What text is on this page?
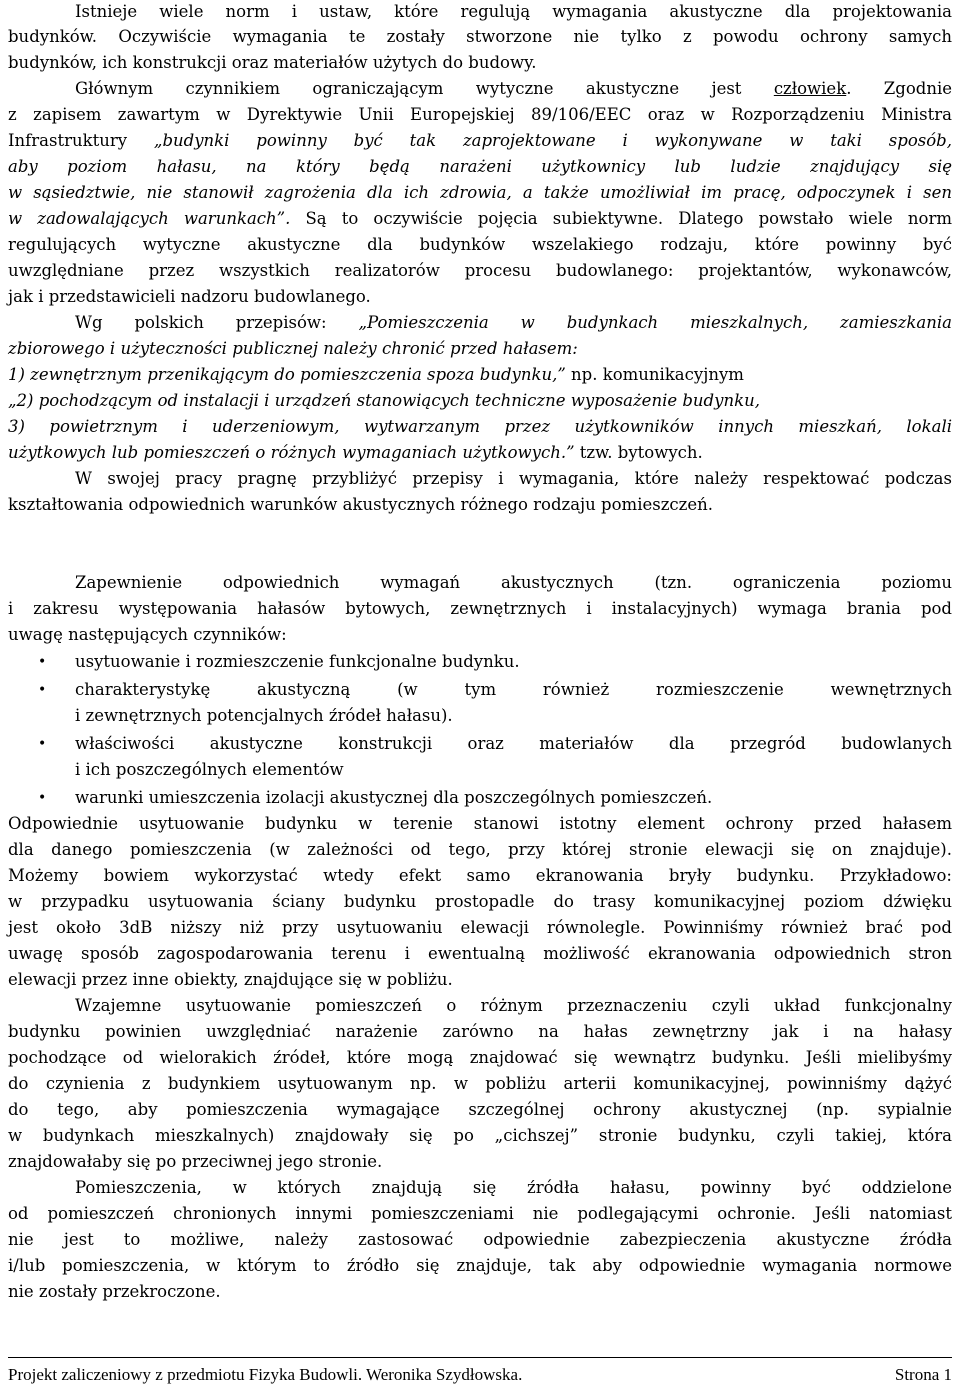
Istnieje wiele norm i ustaw, które regulują wymagania akustyczne dla projektowania
budynków. Oczywiście wymagania te zostały stworzone nie tylko z powodu ochrony samych
budynków, ich konstrukcji oraz materiałów użytych do budowy.
Głównym czynnikiem ograniczającym wytyczne akustyczne jest człowiek. Zgodnie
z zapisem zawartym w Dyrektywie Unii Europejskiej 89/106/EEC oraz w Rozporządzeniu Ministra
Infrastruktury „budynki powinny być tak zaprojektowane i wykonywane w taki sposób,
aby poziom hałasu, na który będą narażeni użytkownicy lub ludzie znajdujący się
w sąsiedztwie, nie stanowił zagrożenia dla ich zdrowia, a także umożliwiał im pracę, odpoczynek i sen
w zadowalających warunkach”. Są to oczywiście pojęcia subiektywne. Dlatego powstało wiele norm
regulujących wytyczne akustyczne dla budynków wszelakiego rodzaju, które powinny być
uwzględniane przez wszystkich realizatorów procesu budowlanego: projektantów, wykonawców,
jak i przedstawicieli nadzoru budowlanego.
Wg polskich przepisów: „Pomieszczenia w budynkach mieszkalnych, zamieszkania
zbiorowego i użyteczności publicznej należy chronić przed hałasem:
1) zewnętrznym przenikającym do pomieszczenia spoza budynku,” np. komunikacyjnym
„2) pochodzącym od instalacji i urządzeń stanowiących techniczne wyposażenie budynku,
3) powietrznym i uderzeniowym, wytwarzanym przez użytkowników innych mieszkań, lokali
użytkowych lub pomieszczeń o różnych wymaganiach użytkowych.” tzw. bytowych.
W swojej pracy pragnę przybliżyć przepisy i wymagania, które należy respektować podczas
kształtowania odpowiednich warunków akustycznych różnego rodzaju pomieszczeń.
Zapewnienie odpowiednich wymagań akustycznych (tzn. ograniczenia poziomu
i zakresu występowania hałasów bytowych, zewnętrznych i instalacyjnych) wymaga brania pod
uwagę następujących czynników:
• usytuowanie i rozmieszczenie funkcjonalne budynku.
• charakterystykę akustyczną (w tym również rozmieszczenie wewnętrznych
i zewnętrznych potencjalnych źródeł hałasu).
• właściwości akustyczne konstrukcji oraz materiałów dla przegród budowlanych
i ich poszczególnych elementów
• warunki umieszczenia izolacji akustycznej dla poszczególnych pomieszczeń.
Odpowiednie usytuowanie budynku w terenie stanowi istotny element ochrony przed hałasem
dla danego pomieszczenia (w zależności od tego, przy której stronie elewacji się on znajduje).
Możemy bowiem wykorzystać wtedy efekt samo ekranowania bryły budynku. Przykładowo:
w przypadku usytuowania ściany budynku prostopadle do trasy komunikacyjnej poziom dźwięku
jest około 3dB niższy niż przy usytuowaniu elewacji równolegle. Powinniśmy również brać pod
uwagę sposób zagospodarowania terenu i ewentualną możliwość ekranowania odpowiednich stron
elewacji przez inne obiekty, znajdujące się w pobliżu.
Wzajemne usytuowanie pomieszczeń o różnym przeznaczeniu czyli układ funkcjonalny
budynku powinien uwzględniać narażenie zarówno na hałas zewnętrzny jak i na hałasy
pochodzące od wielorakich źródeł, które mogą znajdować się wewnątrz budynku. Jeśli mielibyśmy
do czynienia z budynkiem usytuowanym np. w pobliżu arterii komunikacyjnej, powinniśmy dążyć
do tego, aby pomieszczenia wymagające szczególnej ochrony akustycznej (np. sypialnie
w budynkach mieszkalnych) znajdowały się po „cichszej” stronie budynku, czyli takiej, która
znajdowałaby się po przeciwnej jego stronie.
Pomieszczenia, w których znajdują się źródła hałasu, powinny być oddzielone
od pomieszczeń chronionych innymi pomieszczeniami nie podlegającymi ochronie. Jeśli natomiast
nie jest to możliwe, należy zastosować odpowiednie zabezpieczenia akustyczne źródła
i/lub pomieszczenia, w którym to źródło się znajduje, tak aby odpowiednie wymagania normowe
nie zostały przekroczone.
Projekt zaliczeniowy z przedmiotu Fizyka Budowli. Weronika Szydłowska.	Strona 1
